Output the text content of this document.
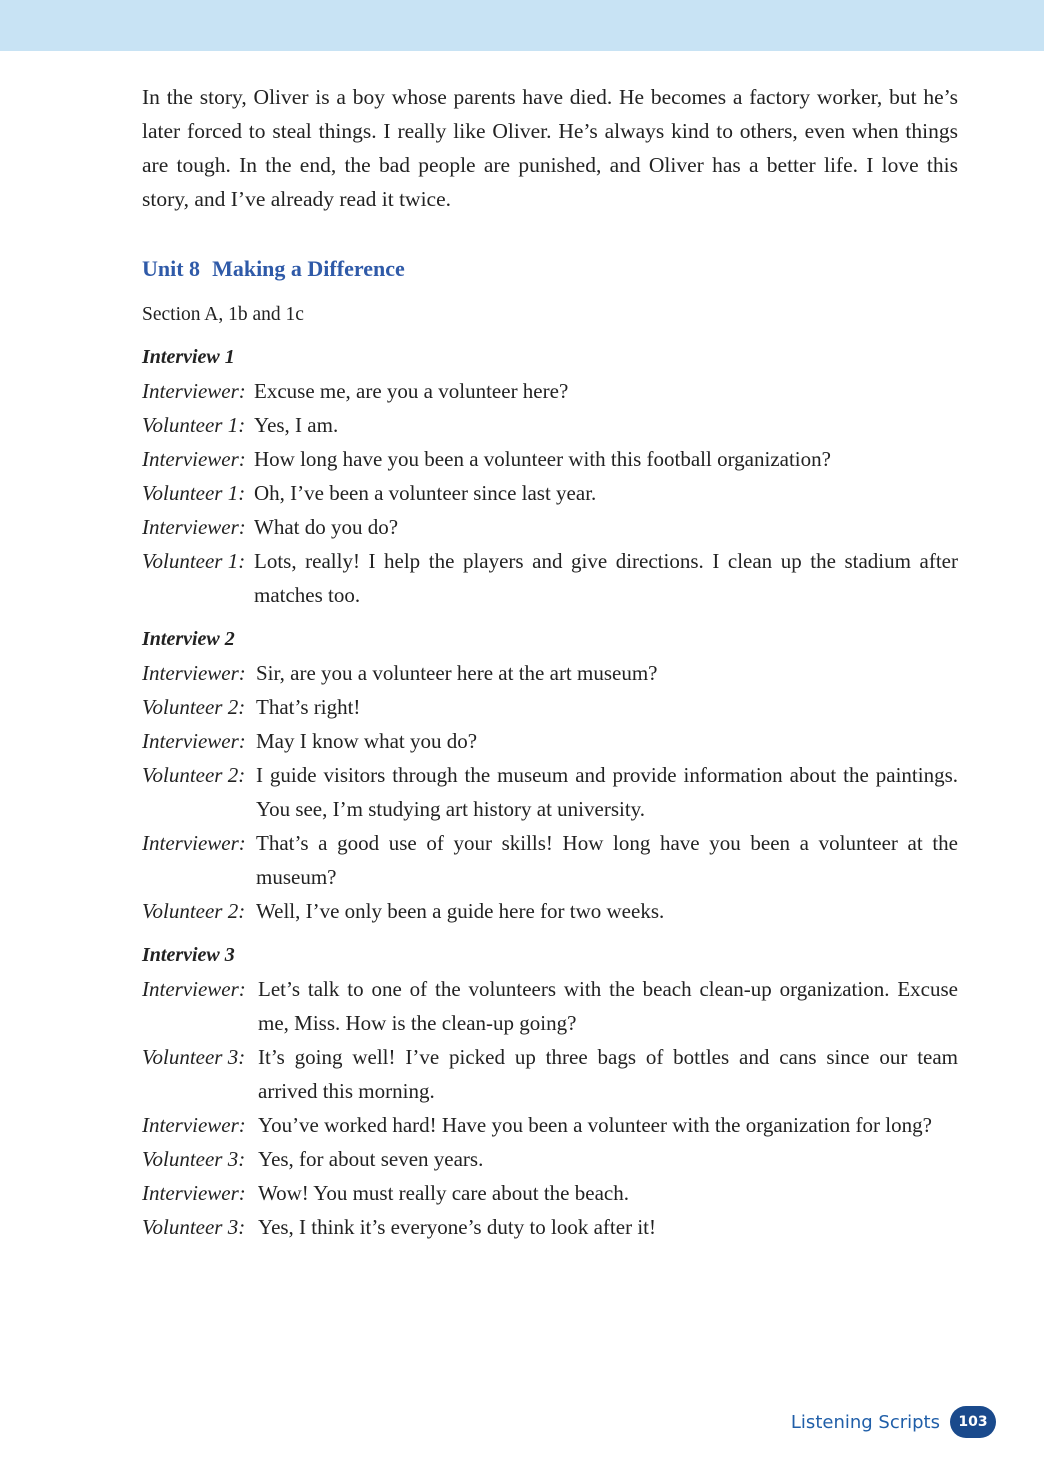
In the story, Oliver is a boy whose parents have died. He becomes a factory worker, but he’s later forced to steal things. I really like Oliver. He’s always kind to others, even when things are tough. In the end, the bad people are punished, and Oliver has a better life. I love this story, and I’ve already read it twice.

Unit 8 Making a Difference
Section A, 1b and 1c
Interview 1
Interviewer: Excuse me, are you a volunteer here?
Volunteer 1: Yes, I am.
Interviewer: How long have you been a volunteer with this football organization?
Volunteer 1: Oh, I’ve been a volunteer since last year.
Interviewer: What do you do?
Volunteer 1: Lots, really! I help the players and give directions. I clean up the stadium after matches too.
Interview 2
Interviewer: Sir, are you a volunteer here at the art museum?
Volunteer 2: That’s right!
Interviewer: May I know what you do?
Volunteer 2: I guide visitors through the museum and provide information about the paintings. You see, I’m studying art history at university.
Interviewer: That’s a good use of your skills! How long have you been a volunteer at the museum?
Volunteer 2: Well, I’ve only been a guide here for two weeks.
Interview 3
Interviewer: Let’s talk to one of the volunteers with the beach clean-up organization. Excuse me, Miss. How is the clean-up going?
Volunteer 3: It’s going well! I’ve picked up three bags of bottles and cans since our team arrived this morning.
Interviewer: You’ve worked hard! Have you been a volunteer with the organization for long?
Volunteer 3: Yes, for about seven years.
Interviewer: Wow! You must really care about the beach.
Volunteer 3: Yes, I think it’s everyone’s duty to look after it!
Listening Scripts	103
